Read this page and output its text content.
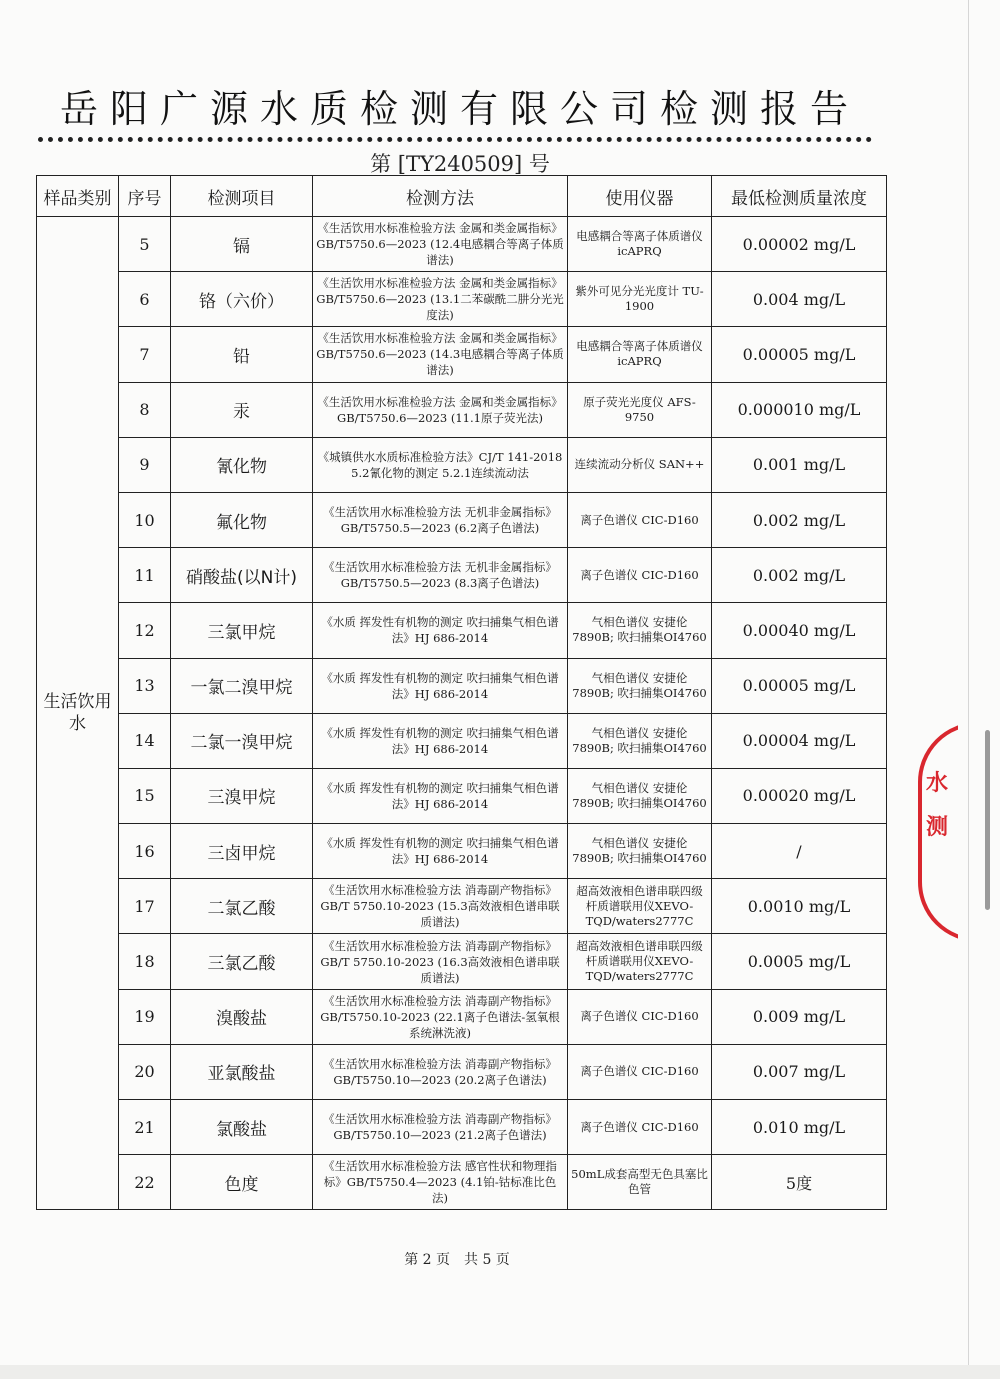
岳阳广源水质检测有限公司检测报告
第 [TY240509] 号
样品类别	序号	检测项目	检测方法	使用仪器	最低检测质量浓度
生活饮用水	5	镉	《生活饮用水标准检验方法 金属和类金属指标》GB/T5750.6—2023 (12.4电感耦合等离子体质谱法)	电感耦合等离子体质谱仪 icAPRQ	0.00002 mg/L
	6	铬（六价）	《生活饮用水标准检验方法 金属和类金属指标》GB/T5750.6—2023 (13.1二苯碳酰二肼分光光度法)	紫外可见分光光度计 TU-1900	0.004 mg/L
	7	铅	《生活饮用水标准检验方法 金属和类金属指标》GB/T5750.6—2023 (14.3电感耦合等离子体质谱法)	电感耦合等离子体质谱仪 icAPRQ	0.00005 mg/L
	8	汞	《生活饮用水标准检验方法 金属和类金属指标》GB/T5750.6—2023 (11.1原子荧光法)	原子荧光光度仪 AFS-9750	0.000010 mg/L
	9	氰化物	《城镇供水水质标准检验方法》CJ/T 141-2018 5.2氰化物的测定 5.2.1连续流动法	连续流动分析仪 SAN++	0.001 mg/L
	10	氟化物	《生活饮用水标准检验方法 无机非金属指标》GB/T5750.5—2023 (6.2离子色谱法)	离子色谱仪 CIC-D160	0.002 mg/L
	11	硝酸盐(以N计)	《生活饮用水标准检验方法 无机非金属指标》GB/T5750.5—2023 (8.3离子色谱法)	离子色谱仪 CIC-D160	0.002 mg/L
	12	三氯甲烷	《水质 挥发性有机物的测定 吹扫捕集气相色谱法》HJ 686-2014	气相色谱仪 安捷伦7890B; 吹扫捕集OI4760	0.00040 mg/L
	13	一氯二溴甲烷	《水质 挥发性有机物的测定 吹扫捕集气相色谱法》HJ 686-2014	气相色谱仪 安捷伦7890B; 吹扫捕集OI4760	0.00005 mg/L
	14	二氯一溴甲烷	《水质 挥发性有机物的测定 吹扫捕集气相色谱法》HJ 686-2014	气相色谱仪 安捷伦7890B; 吹扫捕集OI4760	0.00004 mg/L
	15	三溴甲烷	《水质 挥发性有机物的测定 吹扫捕集气相色谱法》HJ 686-2014	气相色谱仪 安捷伦7890B; 吹扫捕集OI4760	0.00020 mg/L
	16	三卤甲烷	《水质 挥发性有机物的测定 吹扫捕集气相色谱法》HJ 686-2014	气相色谱仪 安捷伦7890B; 吹扫捕集OI4760	/
	17	二氯乙酸	《生活饮用水标准检验方法 消毒副产物指标》GB/T 5750.10-2023 (15.3高效液相色谱串联质谱法)	超高效液相色谱串联四级杆质谱联用仪XEVO-TQD/waters2777C	0.0010 mg/L
	18	三氯乙酸	《生活饮用水标准检验方法 消毒副产物指标》GB/T 5750.10-2023 (16.3高效液相色谱串联质谱法)	超高效液相色谱串联四级杆质谱联用仪XEVO-TQD/waters2777C	0.0005 mg/L
	19	溴酸盐	《生活饮用水标准检验方法 消毒副产物指标》GB/T5750.10-2023 (22.1离子色谱法-氢氧根系统淋洗液)	离子色谱仪 CIC-D160	0.009 mg/L
	20	亚氯酸盐	《生活饮用水标准检验方法 消毒副产物指标》GB/T5750.10—2023 (20.2离子色谱法)	离子色谱仪 CIC-D160	0.007 mg/L
	21	氯酸盐	《生活饮用水标准检验方法 消毒副产物指标》GB/T5750.10—2023 (21.2离子色谱法)	离子色谱仪 CIC-D160	0.010 mg/L
	22	色度	《生活饮用水标准检验方法 感官性状和物理指标》GB/T5750.4—2023 (4.1铂-钴标准比色法)	50mL成套高型无色具塞比色管	5度
第 2 页　共 5 页
水 测
